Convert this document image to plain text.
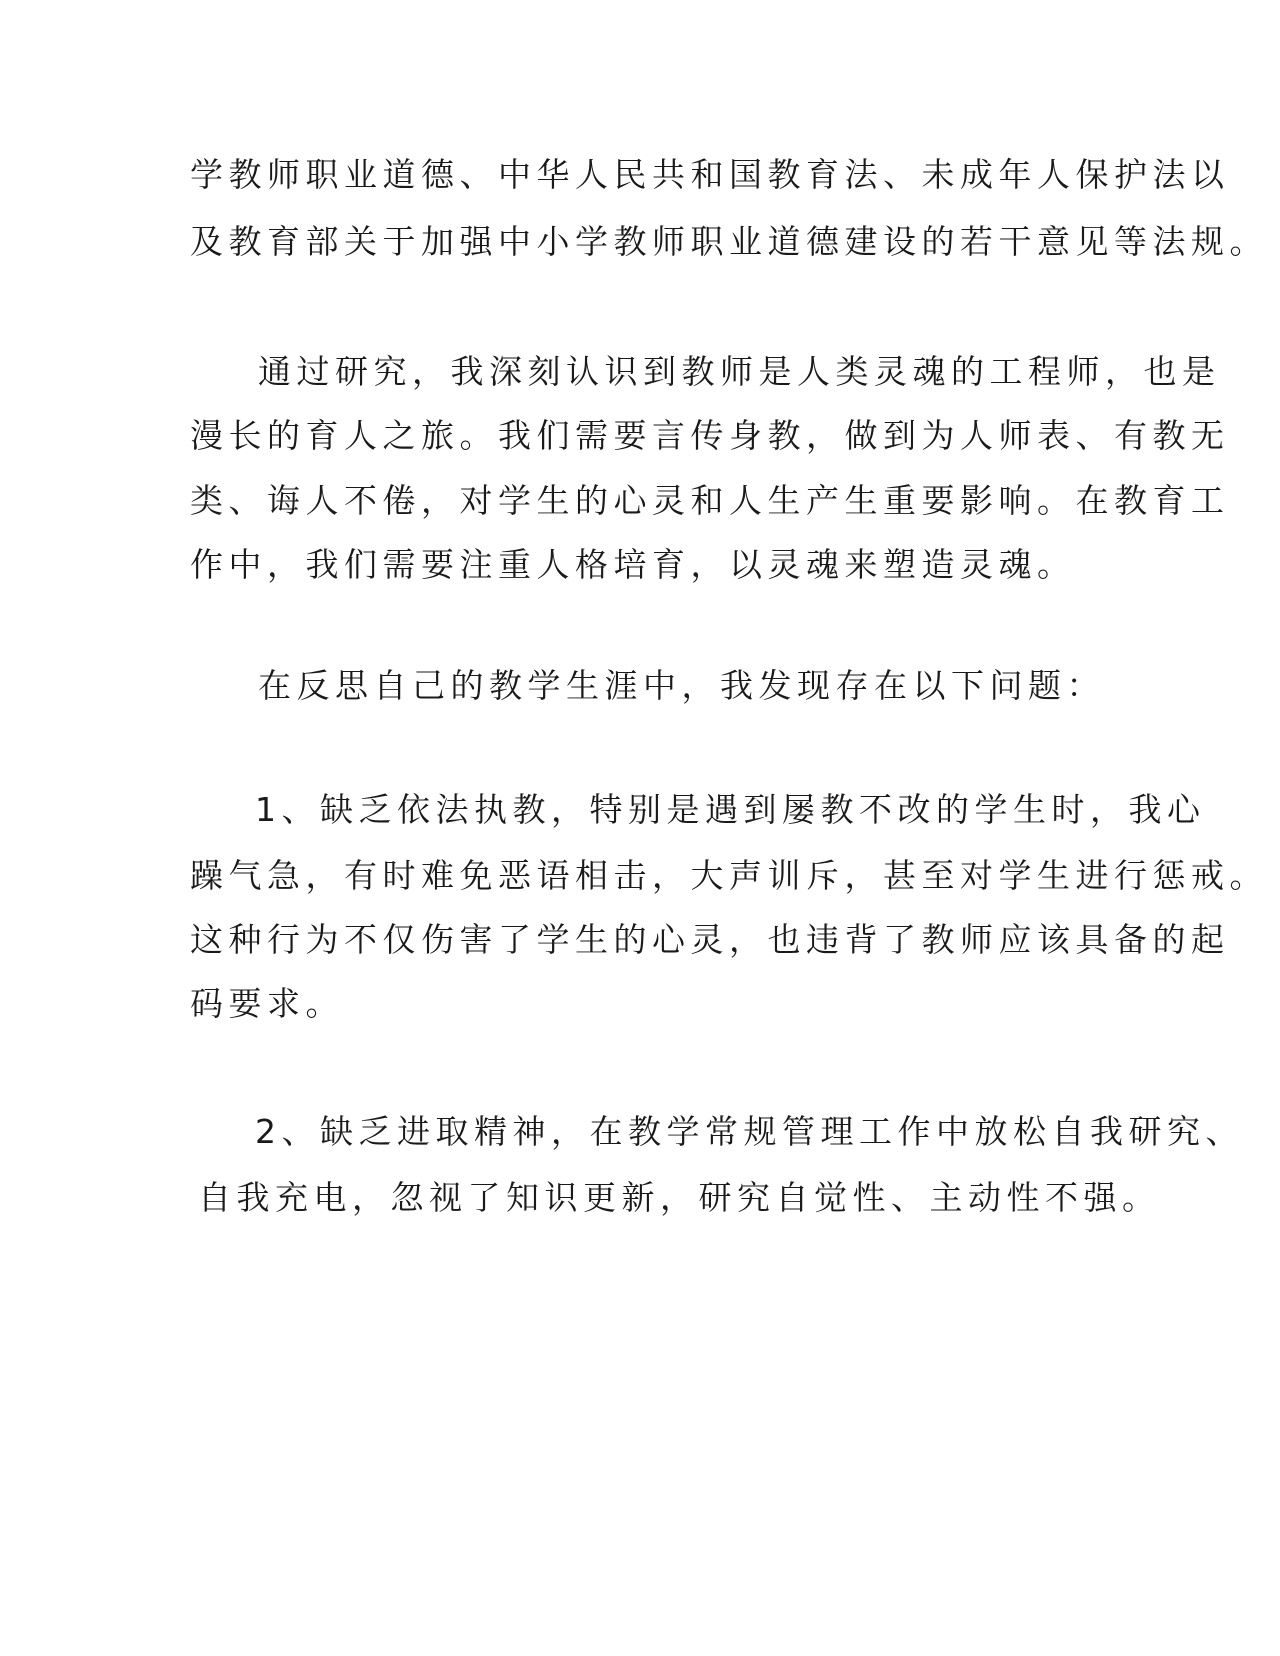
学教师职业道德、中华人民共和国教育法、未成年人保护法以
及教育部关于加强中小学教师职业道德建设的若干意见等法规。
通过研究，我深刻认识到教师是人类灵魂的工程师，也是
漫长的育人之旅。我们需要言传身教，做到为人师表、有教无
类、诲人不倦，对学生的心灵和人生产生重要影响。在教育工
作中，我们需要注重人格培育，以灵魂来塑造灵魂。
在反思自己的教学生涯中，我发现存在以下问题：
1、缺乏依法执教，特别是遇到屡教不改的学生时，我心
躁气急，有时难免恶语相击，大声训斥，甚至对学生进行惩戒。
这种行为不仅伤害了学生的心灵，也违背了教师应该具备的起
码要求。
2、缺乏进取精神，在教学常规管理工作中放松自我研究、
自我充电，忽视了知识更新，研究自觉性、主动性不强。
